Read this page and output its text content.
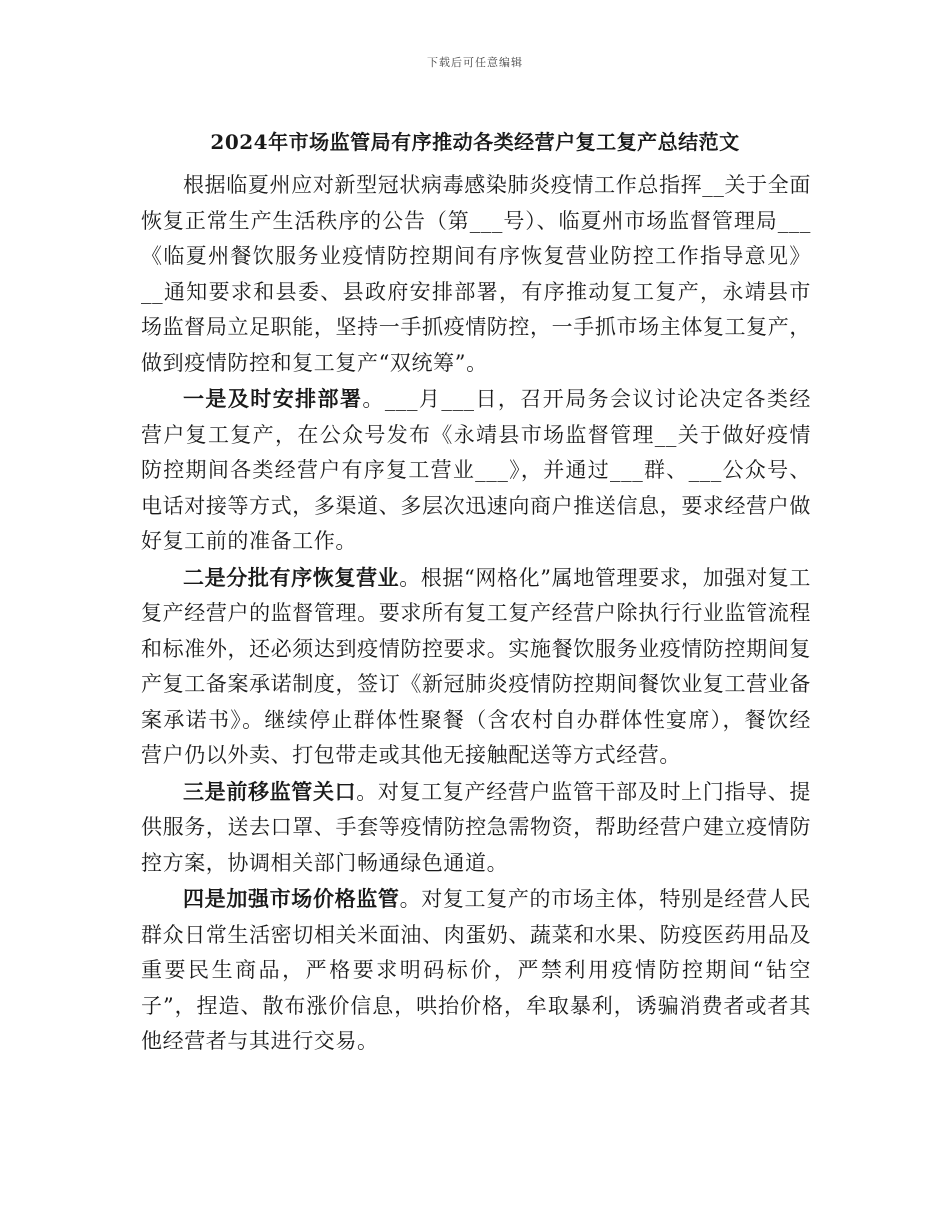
下载后可任意编辑
2024年市场监管局有序推动各类经营户复工复产总结范文

根据临夏州应对新型冠状病毒感染肺炎疫情工作总指挥__关于全面恢复正常生产生活秩序的公告（第___号）、临夏州市场监督管理局___《临夏州餐饮服务业疫情防控期间有序恢复营业防控工作指导意见》__通知要求和县委、县政府安排部署，有序推动复工复产，永靖县市场监督局立足职能，坚持一手抓疫情防控，一手抓市场主体复工复产，做到疫情防控和复工复产“双统筹”。

一是及时安排部署。___月___日，召开局务会议讨论决定各类经营户复工复产，在公众号发布《永靖县市场监督管理__关于做好疫情防控期间各类经营户有序复工营业___》，并通过___群、___公众号、电话对接等方式，多渠道、多层次迅速向商户推送信息，要求经营户做好复工前的准备工作。

二是分批有序恢复营业。根据“网格化”属地管理要求，加强对复工复产经营户的监督管理。要求所有复工复产经营户除执行行业监管流程和标准外，还必须达到疫情防控要求。实施餐饮服务业疫情防控期间复产复工备案承诺制度，签订《新冠肺炎疫情防控期间餐饮业复工营业备案承诺书》。继续停止群体性聚餐（含农村自办群体性宴席），餐饮经营户仍以外卖、打包带走或其他无接触配送等方式经营。

三是前移监管关口。对复工复产经营户监管干部及时上门指导、提供服务，送去口罩、手套等疫情防控急需物资，帮助经营户建立疫情防控方案，协调相关部门畅通绿色通道。

四是加强市场价格监管。对复工复产的市场主体，特别是经营人民群众日常生活密切相关米面油、肉蛋奶、蔬菜和水果、防疫医药用品及重要民生商品，严格要求明码标价，严禁利用疫情防控期间“钻空子”，捏造、散布涨价信息，哄抬价格，牟取暴利，诱骗消费者或者其他经营者与其进行交易。
